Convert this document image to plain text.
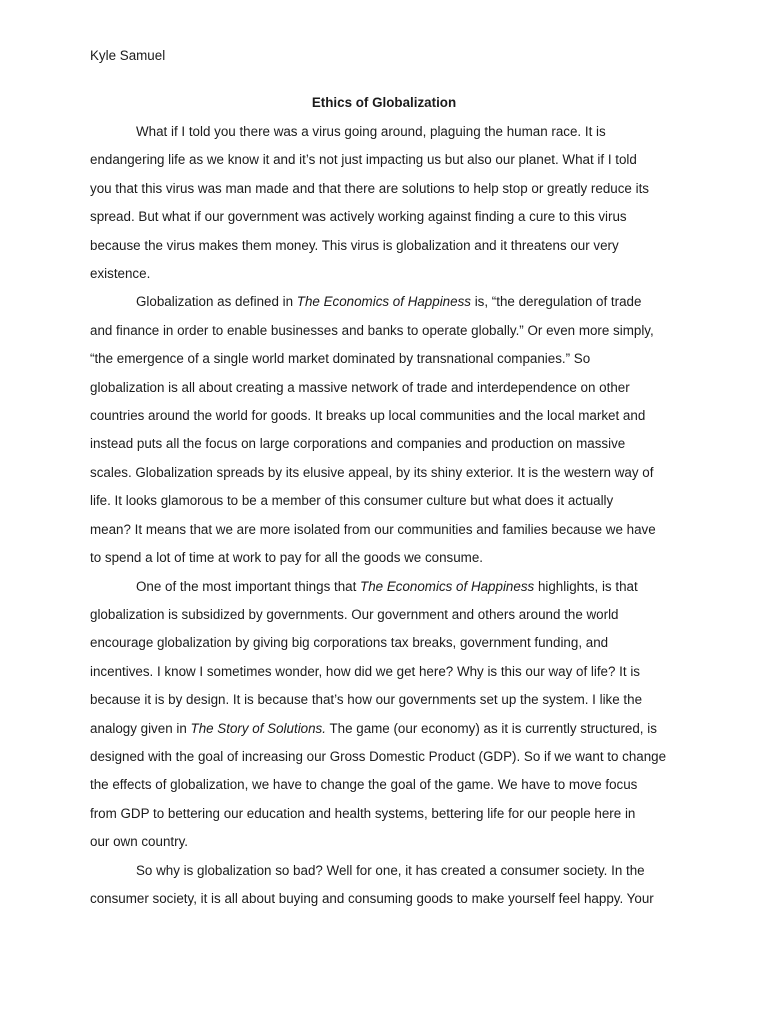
Kyle Samuel

Ethics of Globalization

What if I told you there was a virus going around, plaguing the human race. It is
endangering life as we know it and it’s not just impacting us but also our planet. What if I told
you that this virus was man made and that there are solutions to help stop or greatly reduce its
spread. But what if our government was actively working against finding a cure to this virus
because the virus makes them money. This virus is globalization and it threatens our very
existence.

Globalization as defined in The Economics of Happiness is, “the deregulation of trade
and finance in order to enable businesses and banks to operate globally.” Or even more simply,
“the emergence of a single world market dominated by transnational companies.” So
globalization is all about creating a massive network of trade and interdependence on other
countries around the world for goods. It breaks up local communities and the local market and
instead puts all the focus on large corporations and companies and production on massive
scales. Globalization spreads by its elusive appeal, by its shiny exterior. It is the western way of
life. It looks glamorous to be a member of this consumer culture but what does it actually
mean? It means that we are more isolated from our communities and families because we have
to spend a lot of time at work to pay for all the goods we consume.

One of the most important things that The Economics of Happiness highlights, is that
globalization is subsidized by governments. Our government and others around the world
encourage globalization by giving big corporations tax breaks, government funding, and
incentives. I know I sometimes wonder, how did we get here? Why is this our way of life? It is
because it is by design. It is because that’s how our governments set up the system. I like the
analogy given in The Story of Solutions. The game (our economy) as it is currently structured, is
designed with the goal of increasing our Gross Domestic Product (GDP). So if we want to change
the effects of globalization, we have to change the goal of the game. We have to move focus
from GDP to bettering our education and health systems, bettering life for our people here in
our own country.

So why is globalization so bad? Well for one, it has created a consumer society. In the
consumer society, it is all about buying and consuming goods to make yourself feel happy. Your
